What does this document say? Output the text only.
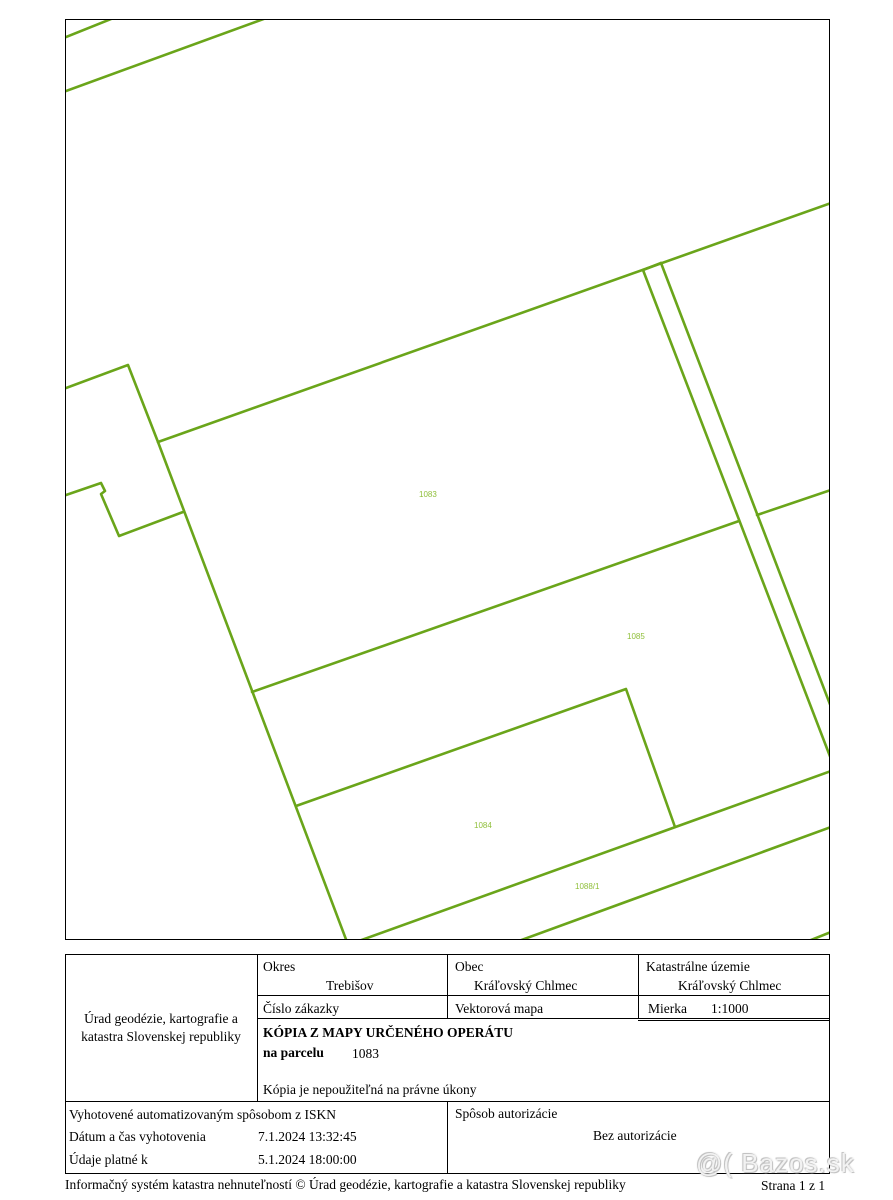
1083
1085
1084
1088/1
Úrad geodézie, kartografie a katastra Slovenskej republiky
Okres
Trebišov
Obec
Kráľovský Chlmec
Katastrálne územie
Kráľovský Chlmec
Číslo zákazky	Vektorová mapa	Mierka 1:1000
KÓPIA Z MAPY URČENÉHO OPERÁTU
na parcelu 1083
Kópia je nepoužiteľná na právne úkony
Vyhotovené automatizovaným spôsobom z ISKN
Dátum a čas vyhotovenia	7.1.2024 13:32:45
Údaje platné k	5.1.2024 18:00:00
Spôsob autorizácie
Bez autorizácie
Informačný systém katastra nehnuteľností © Úrad geodézie, kartografie a katastra Slovenskej republiky	Strana 1 z 1
@( Bazos.sk
